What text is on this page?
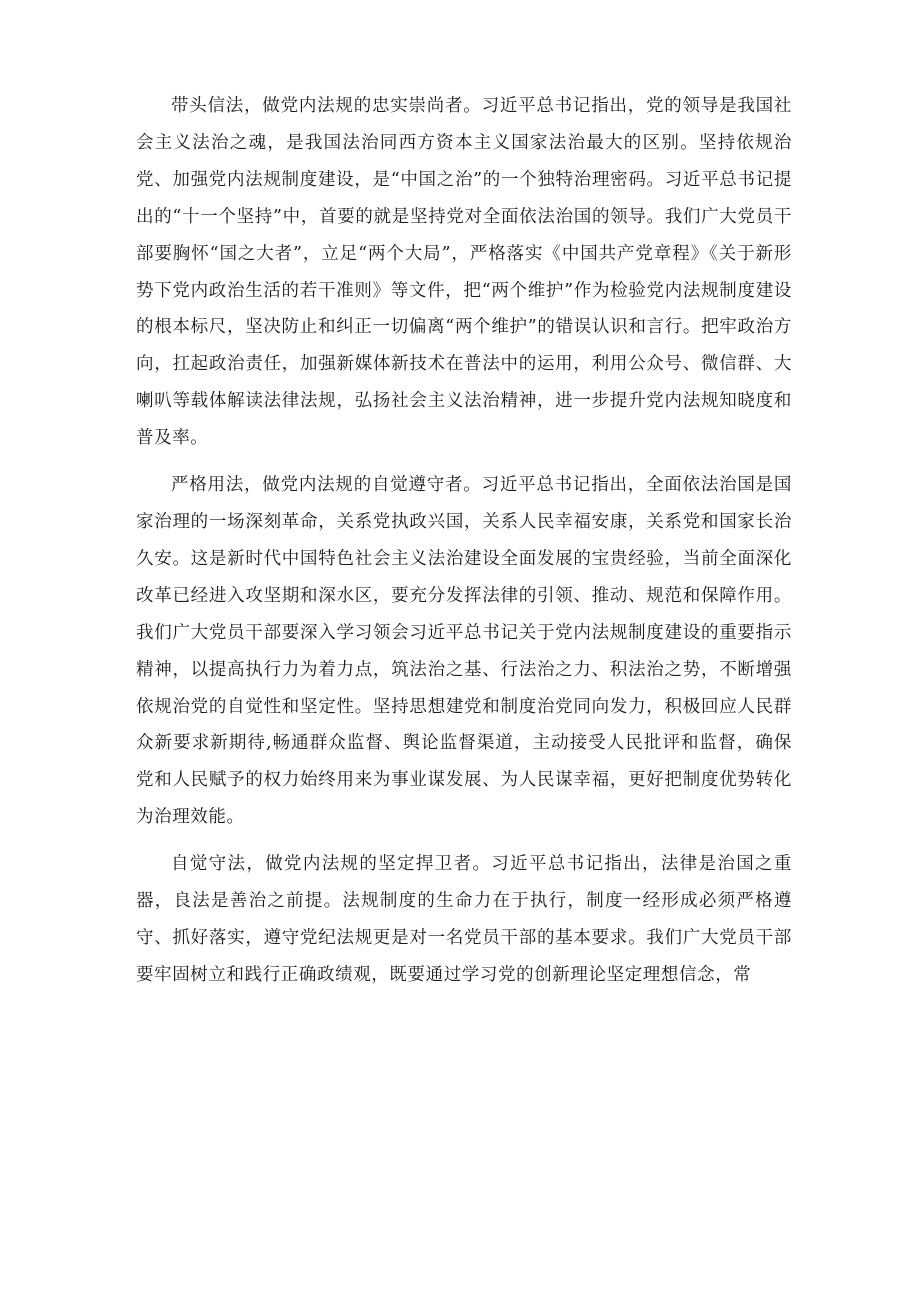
带头信法，做党内法规的忠实崇尚者。习近平总书记指出，党的领导是我国社会主义法治之魂，是我国法治同西方资本主义国家法治最大的区别。坚持依规治党、加强党内法规制度建设，是“中国之治”的一个独特治理密码。习近平总书记提出的“十一个坚持”中，首要的就是坚持党对全面依法治国的领导。我们广大党员干部要胸怀“国之大者”，立足“两个大局”，严格落实《中国共产党章程》《关于新形势下党内政治生活的若干准则》等文件，把“两个维护”作为检验党内法规制度建设的根本标尺，坚决防止和纠正一切偏离“两个维护”的错误认识和言行。把牢政治方向，扛起政治责任，加强新媒体新技术在普法中的运用，利用公众号、微信群、大喇叭等载体解读法律法规，弘扬社会主义法治精神，进一步提升党内法规知晓度和普及率。

严格用法，做党内法规的自觉遵守者。习近平总书记指出，全面依法治国是国家治理的一场深刻革命，关系党执政兴国，关系人民幸福安康，关系党和国家长治久安。这是新时代中国特色社会主义法治建设全面发展的宝贵经验，当前全面深化改革已经进入攻坚期和深水区，要充分发挥法律的引领、推动、规范和保障作用。我们广大党员干部要深入学习领会习近平总书记关于党内法规制度建设的重要指示精神，以提高执行力为着力点，筑法治之基、行法治之力、积法治之势，不断增强依规治党的自觉性和坚定性。坚持思想建党和制度治党同向发力，积极回应人民群众新要求新期待,畅通群众监督、舆论监督渠道，主动接受人民批评和监督，确保党和人民赋予的权力始终用来为事业谋发展、为人民谋幸福，更好把制度优势转化为治理效能。

自觉守法，做党内法规的坚定捍卫者。习近平总书记指出，法律是治国之重器，良法是善治之前提。法规制度的生命力在于执行，制度一经形成必须严格遵守、抓好落实，遵守党纪法规更是对一名党员干部的基本要求。我们广大党员干部要牢固树立和践行正确政绩观，既要通过学习党的创新理论坚定理想信念，常
